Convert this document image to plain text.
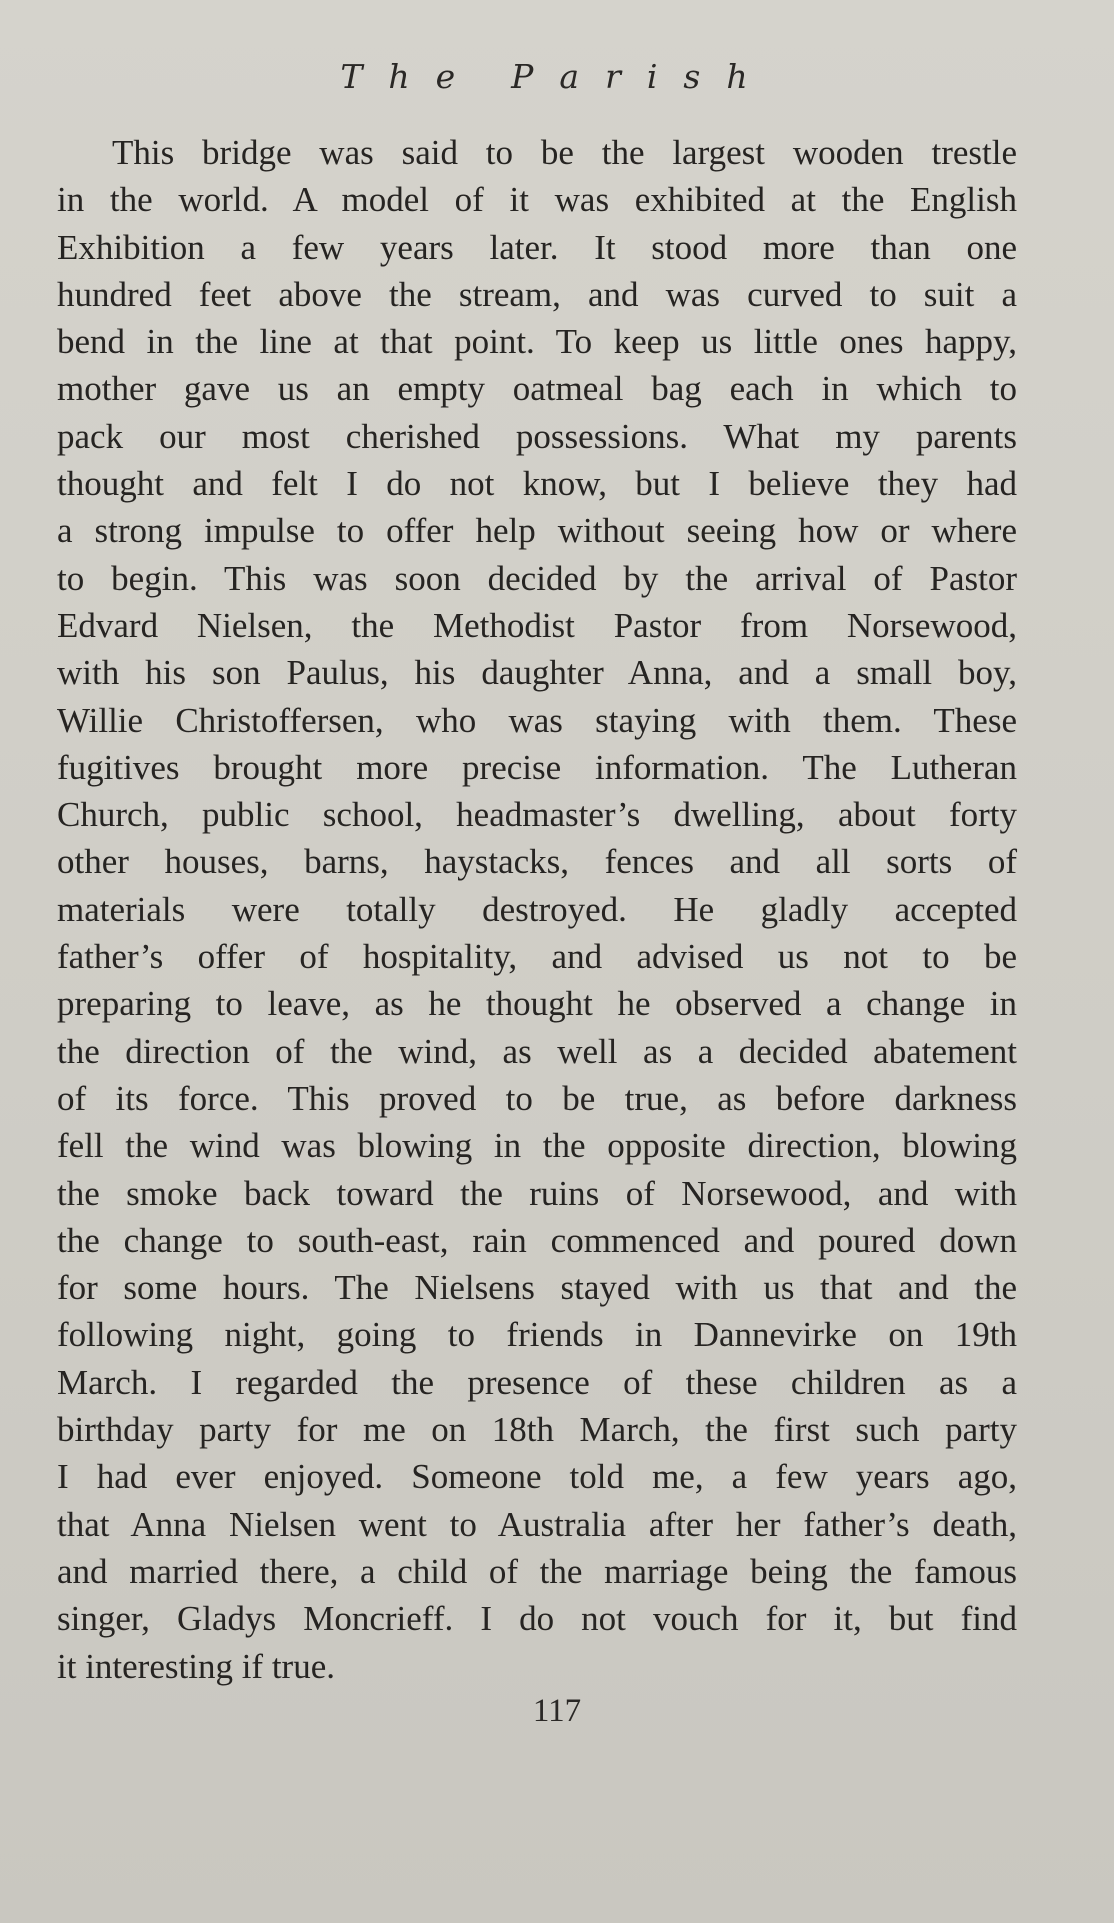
The Parish
This bridge was said to be the largest wooden trestle
in the world. A model of it was exhibited at the English
Exhibition a few years later. It stood more than one
hundred feet above the stream, and was curved to suit a
bend in the line at that point. To keep us little ones happy,
mother gave us an empty oatmeal bag each in which to
pack our most cherished possessions. What my parents
thought and felt I do not know, but I believe they had
a strong impulse to offer help without seeing how or where
to begin. This was soon decided by the arrival of Pastor
Edvard Nielsen, the Methodist Pastor from Norsewood,
with his son Paulus, his daughter Anna, and a small boy,
Willie Christoffersen, who was staying with them. These
fugitives brought more precise information. The Lutheran
Church, public school, headmaster’s dwelling, about forty
other houses, barns, haystacks, fences and all sorts of
materials were totally destroyed. He gladly accepted
father’s offer of hospitality, and advised us not to be
preparing to leave, as he thought he observed a change in
the direction of the wind, as well as a decided abatement
of its force. This proved to be true, as before darkness
fell the wind was blowing in the opposite direction, blowing
the smoke back toward the ruins of Norsewood, and with
the change to south-east, rain commenced and poured down
for some hours. The Nielsens stayed with us that and the
following night, going to friends in Dannevirke on 19th
March. I regarded the presence of these children as a
birthday party for me on 18th March, the first such party
I had ever enjoyed. Someone told me, a few years ago,
that Anna Nielsen went to Australia after her father’s death,
and married there, a child of the marriage being the famous
singer, Gladys Moncrieff. I do not vouch for it, but find
it interesting if true.
117
